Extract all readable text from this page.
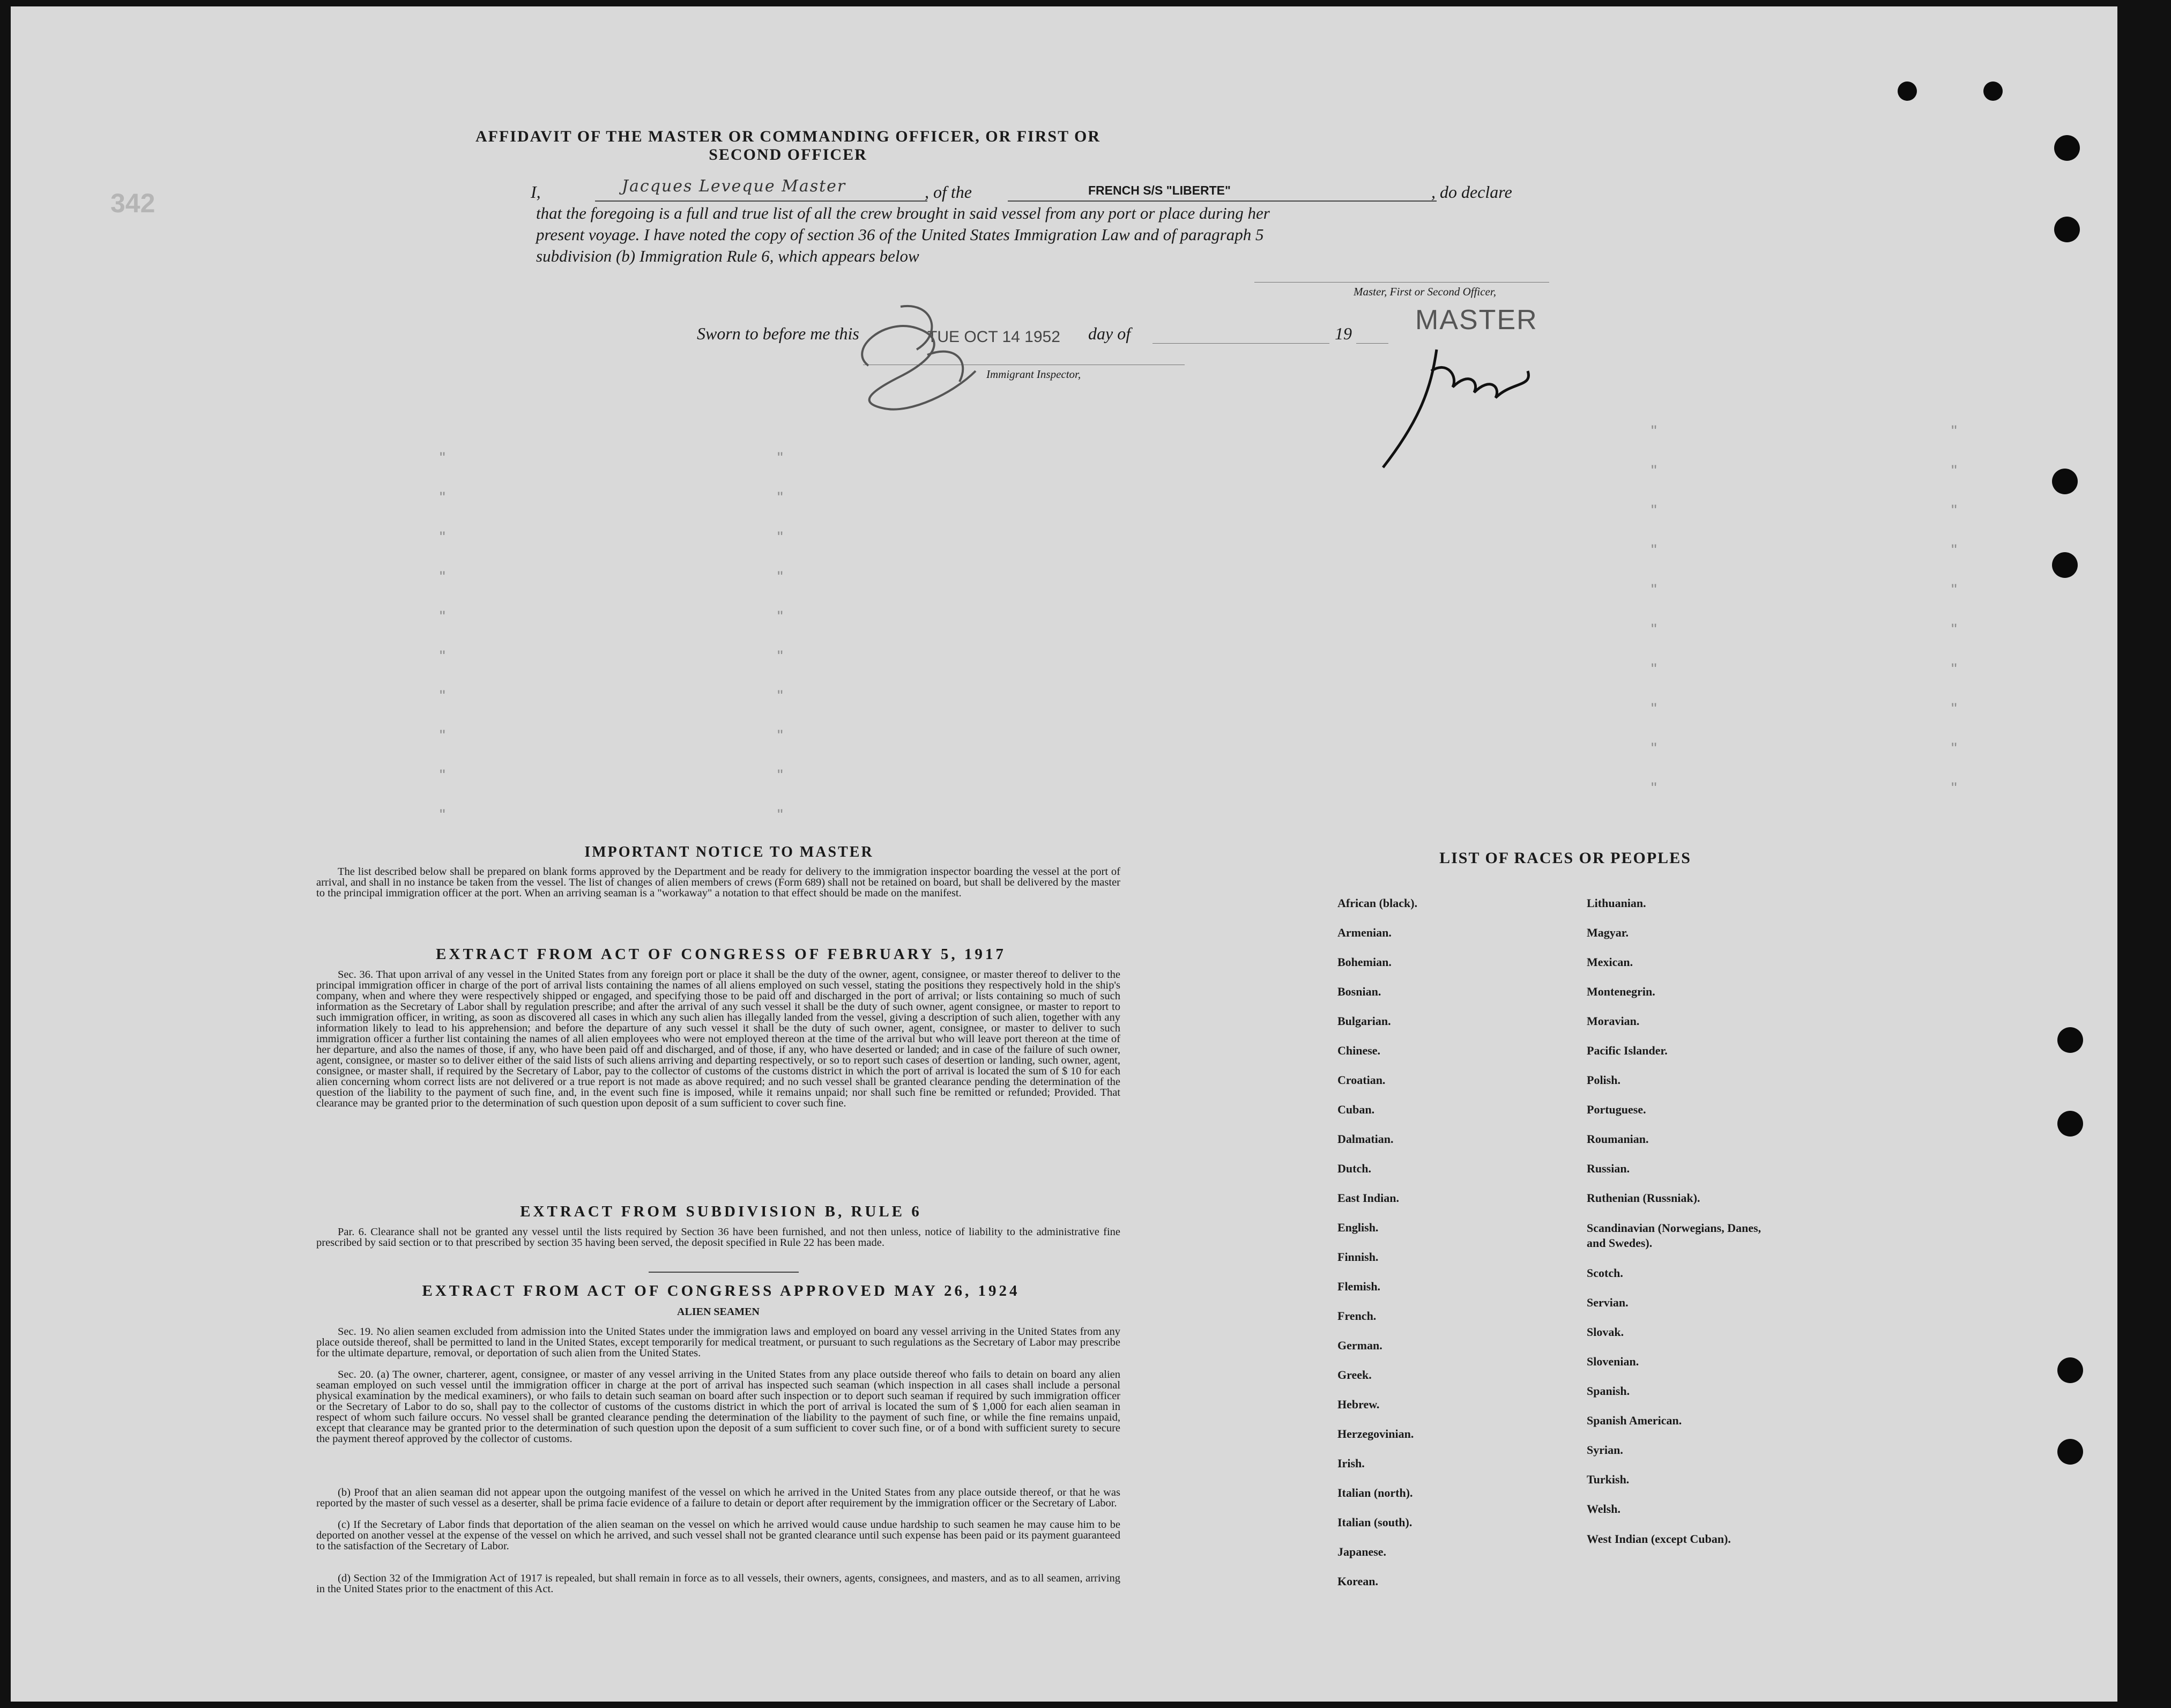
342
AFFIDAVIT OF THE MASTER OR COMMANDING OFFICER, OR FIRST OR SECOND OFFICER
I,	Jacques Leveque Master	, of the	FRENCH S/S "LIBERTE"	, do declare
that the foregoing is a full and true list of all the crew brought in said vessel from any port or place during her
present voyage. I have noted the copy of section 36 of the United States Immigration Law and of paragraph 5
subdivision (b) Immigration Rule 6, which appears below
Master, First or Second Officer,
MASTER
Sworn to before me this	TUE OCT 14 1952 day of	19
Immigrant Inspector,
"
"
"
"
"
"
"
"
"
"
"
"
"
"
"
"
"
"
"
"
"
"
"
"
"
"
"
"
"
"
"
"
"
"
"
"
"
"
"
"
IMPORTANT NOTICE TO MASTER

The list described below shall be prepared on blank forms approved by the Department and be ready for delivery to the immigration inspector boarding the vessel at the port of arrival, and shall in no instance be taken from the vessel. The list of changes of alien members of crews (Form 689) shall not be retained on board, but shall be delivered by the master to the principal immigration officer at the port. When an arriving seaman is a "workaway" a notation to that effect should be made on the manifest.

EXTRACT FROM ACT OF CONGRESS OF FEBRUARY 5, 1917

Sec. 36. That upon arrival of any vessel in the United States from any foreign port or place it shall be the duty of the owner, agent, consignee, or master thereof to deliver to the principal immigration officer in charge of the port of arrival lists containing the names of all aliens employed on such vessel, stating the positions they respectively hold in the ship's company, when and where they were respectively shipped or engaged, and specifying those to be paid off and discharged in the port of arrival; or lists containing so much of such information as the Secretary of Labor shall by regulation prescribe; and after the arrival of any such vessel it shall be the duty of such owner, agent consignee, or master to report to such immigration officer, in writing, as soon as discovered all cases in which any such alien has illegally landed from the vessel, giving a description of such alien, together with any information likely to lead to his apprehension; and before the departure of any such vessel it shall be the duty of such owner, agent, consignee, or master to deliver to such immigration officer a further list containing the names of all alien employees who were not employed thereon at the time of the arrival but who will leave port thereon at the time of her departure, and also the names of those, if any, who have been paid off and discharged, and of those, if any, who have deserted or landed; and in case of the failure of such owner, agent, consignee, or master so to deliver either of the said lists of such aliens arriving and departing respectively, or so to report such cases of desertion or landing, such owner, agent, consignee, or master shall, if required by the Secretary of Labor, pay to the collector of customs of the customs district in which the port of arrival is located the sum of $ 10 for each alien concerning whom correct lists are not delivered or a true report is not made as above required; and no such vessel shall be granted clearance pending the determination of the question of the liability to the payment of such fine, and, in the event such fine is imposed, while it remains unpaid; nor shall such fine be remitted or refunded; Provided. That clearance may be granted prior to the determination of such question upon deposit of a sum sufficient to cover such fine.

EXTRACT FROM SUBDIVISION B, RULE 6

Par. 6. Clearance shall not be granted any vessel until the lists required by Section 36 have been furnished, and not then unless, notice of liability to the administrative fine prescribed by said section or to that prescribed by section 35 having been served, the deposit specified in Rule 22 has been made.

EXTRACT FROM ACT OF CONGRESS APPROVED MAY 26, 1924
ALIEN SEAMEN

Sec. 19. No alien seamen excluded from admission into the United States under the immigration laws and employed on board any vessel arriving in the United States from any place outside thereof, shall be permitted to land in the United States, except temporarily for medical treatment, or pursuant to such regulations as the Secretary of Labor may prescribe for the ultimate departure, removal, or deportation of such alien from the United States.

Sec. 20. (a) The owner, charterer, agent, consignee, or master of any vessel arriving in the United States from any place outside thereof who fails to detain on board any alien seaman employed on such vessel until the immigration officer in charge at the port of arrival has inspected such seaman (which inspection in all cases shall include a personal physical examination by the medical examiners), or who fails to detain such seaman on board after such inspection or to deport such seaman if required by such immigration officer or the Secretary of Labor to do so, shall pay to the collector of customs of the customs district in which the port of arrival is located the sum of $ 1,000 for each alien seaman in respect of whom such failure occurs. No vessel shall be granted clearance pending the determination of the liability to the payment of such fine, or while the fine remains unpaid, except that clearance may be granted prior to the determination of such question upon the deposit of a sum sufficient to cover such fine, or of a bond with sufficient surety to secure the payment thereof approved by the collector of customs.

(b) Proof that an alien seaman did not appear upon the outgoing manifest of the vessel on which he arrived in the United States from any place outside thereof, or that he was reported by the master of such vessel as a deserter, shall be prima facie evidence of a failure to detain or deport after requirement by the immigration officer or the Secretary of Labor.

(c) If the Secretary of Labor finds that deportation of the alien seaman on the vessel on which he arrived would cause undue hardship to such seamen he may cause him to be deported on another vessel at the expense of the vessel on which he arrived, and such vessel shall not be granted clearance until such expense has been paid or its payment guaranteed to the satisfaction of the Secretary of Labor.

(d) Section 32 of the Immigration Act of 1917 is repealed, but shall remain in force as to all vessels, their owners, agents, consignees, and masters, and as to all seamen, arriving in the United States prior to the enactment of this Act.

LIST OF RACES OR PEOPLES
African (black).
Armenian.
Bohemian.
Bosnian.
Bulgarian.
Chinese.
Croatian.
Cuban.
Dalmatian.
Dutch.
East Indian.
English.
Finnish.
Flemish.
French.
German.
Greek.
Hebrew.
Herzegovinian.
Irish.
Italian (north).
Italian (south).
Japanese.
Korean.
Lithuanian.
Magyar.
Mexican.
Montenegrin.
Moravian.
Pacific Islander.
Polish.
Portuguese.
Roumanian.
Russian.
Ruthenian (Russniak).
Scandinavian (Norwegians, Danes, and Swedes).
Scotch.
Servian.
Slovak.
Slovenian.
Spanish.
Spanish American.
Syrian.
Turkish.
Welsh.
West Indian (except Cuban).
